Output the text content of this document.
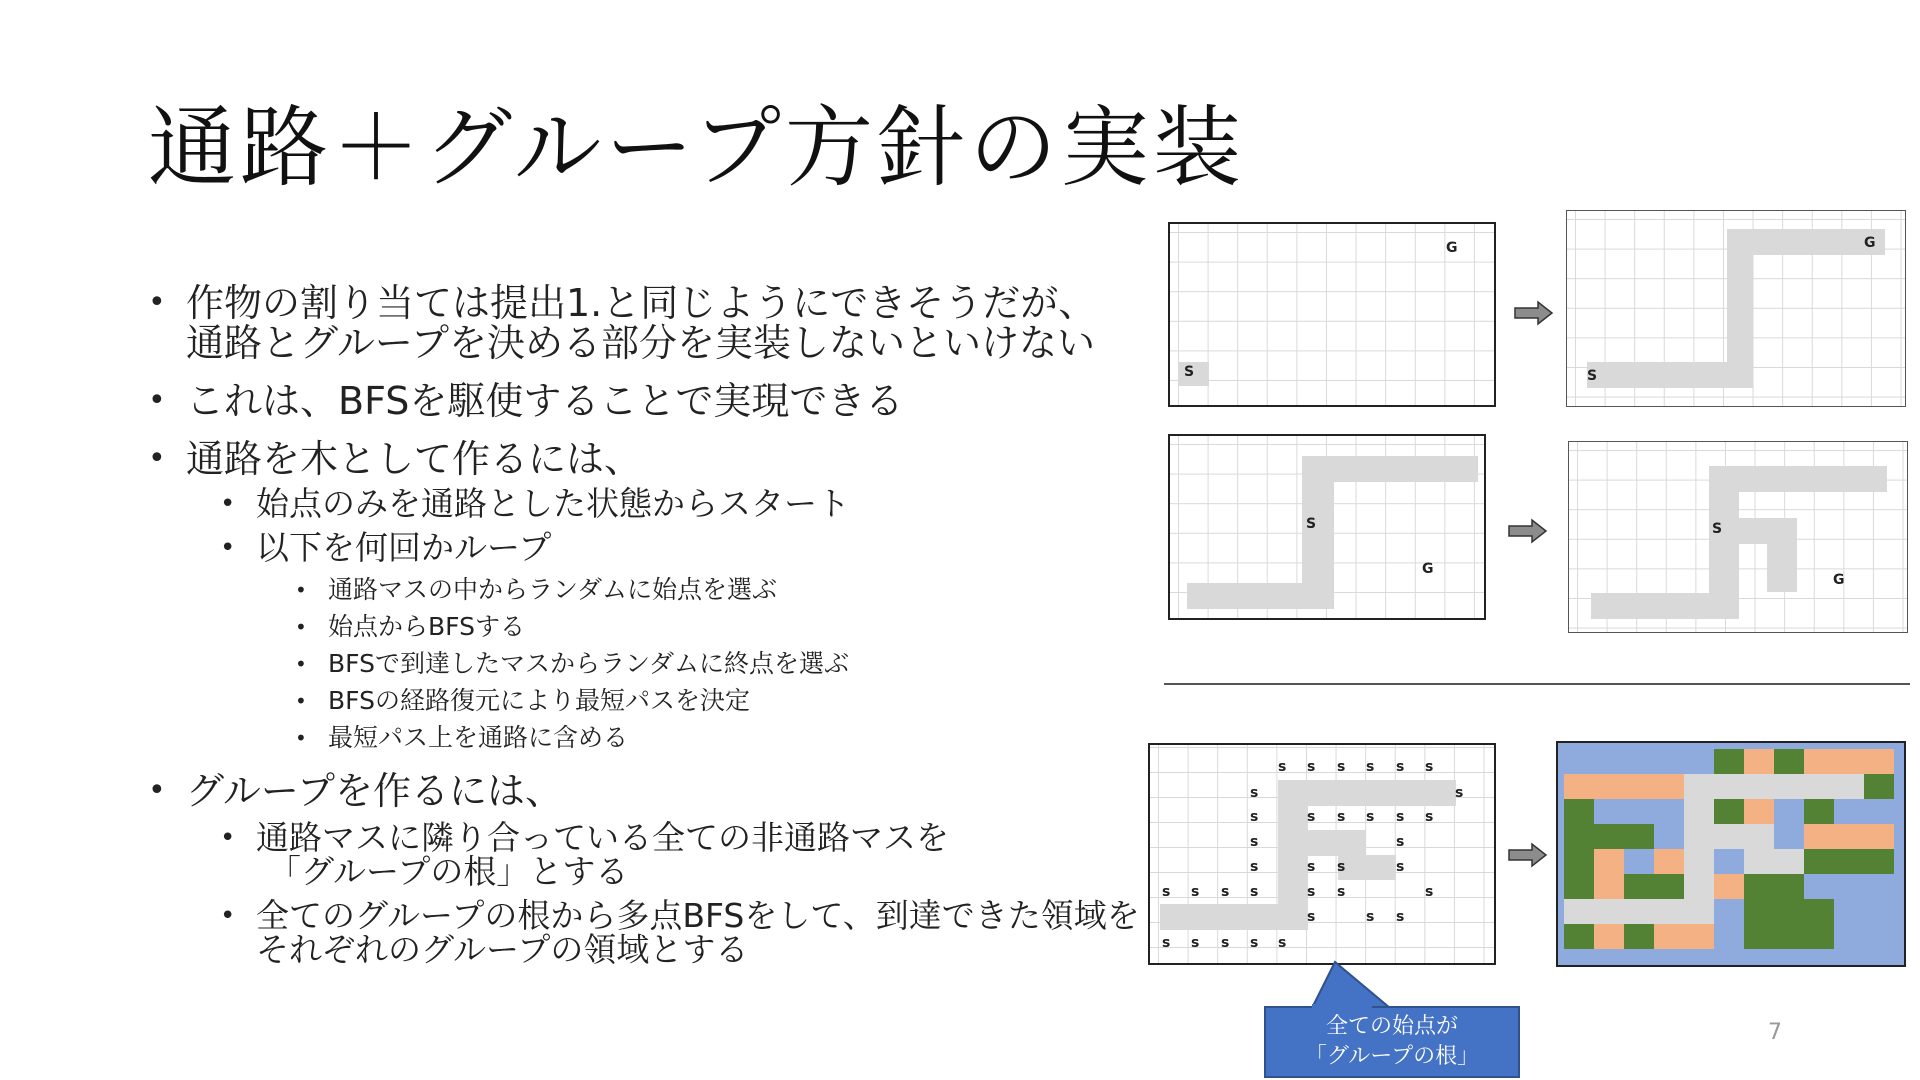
通路＋グループ方針の実装
• 作物の割り当ては提出1.と同じようにできそうだが、
通路とグループを決める部分を実装しないといけない
• これは、BFSを駆使することで実現できる
• 通路を木として作るには、
• 始点のみを通路とした状態からスタート
• 以下を何回かループ
• 通路マスの中からランダムに始点を選ぶ
• 始点からBFSする
• BFSで到達したマスからランダムに終点を選ぶ
• BFSの経路復元により最短パスを決定
• 最短パス上を通路に含める
• グループを作るには、
• 通路マスに隣り合っている全ての非通路マスを
「グループの根」とする
• 全てのグループの根から多点BFSをして、到達できた領域を
それぞれのグループの領域とする
S
G
S
G
S
G
S
G
s s s s s s
s	s
s	s s s s s
s	s
s	s s	s
s s s s	s s	s
s	s s
s s s s s
全ての始点が
「グループの根」
7
